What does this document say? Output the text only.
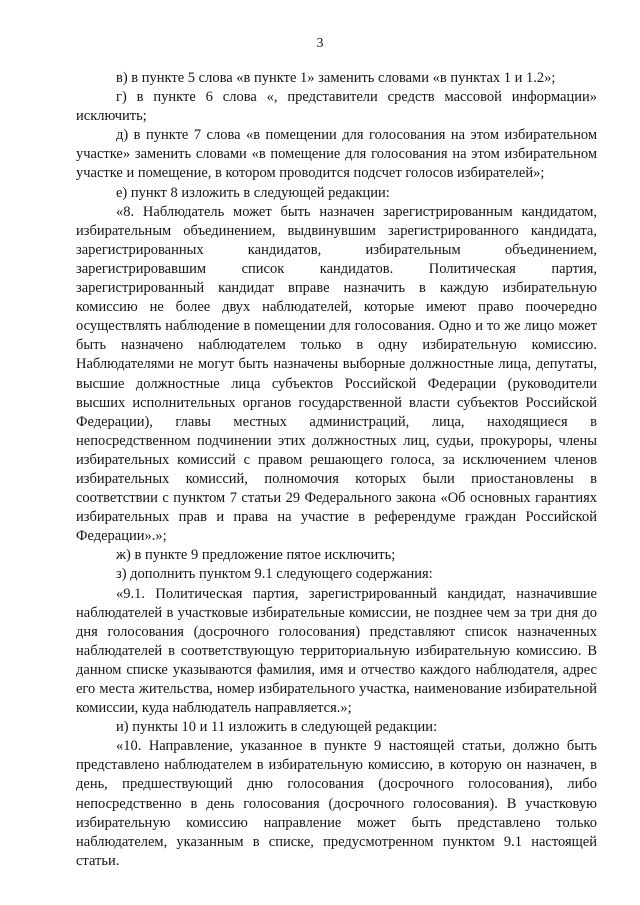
3

в) в пункте 5 слова «в пункте 1» заменить словами «в пунктах 1 и 1.2»;

г) в пункте 6 слова «, представители средств массовой информации» исключить;

д) в пункте 7 слова «в помещении для голосования на этом избирательном участке» заменить словами «в помещение для голосования на этом избирательном участке и помещение, в котором проводится подсчет голосов избирателей»;

е) пункт 8 изложить в следующей редакции:

«8. Наблюдатель может быть назначен зарегистрированным кандидатом, избирательным объединением, выдвинувшим зарегистрированного кандидата, зарегистрированных кандидатов, избирательным объединением, зарегистрировавшим список кандидатов. Политическая партия, зарегистрированный кандидат вправе назначить в каждую избирательную комиссию не более двух наблюдателей, которые имеют право поочередно осуществлять наблюдение в помещении для голосования. Одно и то же лицо может быть назначено наблюдателем только в одну избирательную комиссию. Наблюдателями не могут быть назначены выборные должностные лица, депутаты, высшие должностные лица субъектов Российской Федерации (руководители высших исполнительных органов государственной власти субъектов Российской Федерации), главы местных администраций, лица, находящиеся в непосредственном подчинении этих должностных лиц, судьи, прокуроры, члены избирательных комиссий с правом решающего голоса, за исключением членов избирательных комиссий, полномочия которых были приостановлены в соответствии с пунктом 7 статьи 29 Федерального закона «Об основных гарантиях избирательных прав и права на участие в референдуме граждан Российской Федерации».»;

ж) в пункте 9 предложение пятое исключить;

з) дополнить пунктом 9.1 следующего содержания:

«9.1. Политическая партия, зарегистрированный кандидат, назначившие наблюдателей в участковые избирательные комиссии, не позднее чем за три дня до дня голосования (досрочного голосования) представляют список назначенных наблюдателей в соответствующую территориальную избирательную комиссию. В данном списке указываются фамилия, имя и отчество каждого наблюдателя, адрес его места жительства, номер избирательного участка, наименование избирательной комиссии, куда наблюдатель направляется.»;

и) пункты 10 и 11 изложить в следующей редакции:

«10. Направление, указанное в пункте 9 настоящей статьи, должно быть представлено наблюдателем в избирательную комиссию, в которую он назначен, в день, предшествующий дню голосования (досрочного голосования), либо непосредственно в день голосования (досрочного голосования). В участковую избирательную комиссию направление может быть представлено только наблюдателем, указанным в списке, предусмотренном пунктом 9.1 настоящей статьи.
